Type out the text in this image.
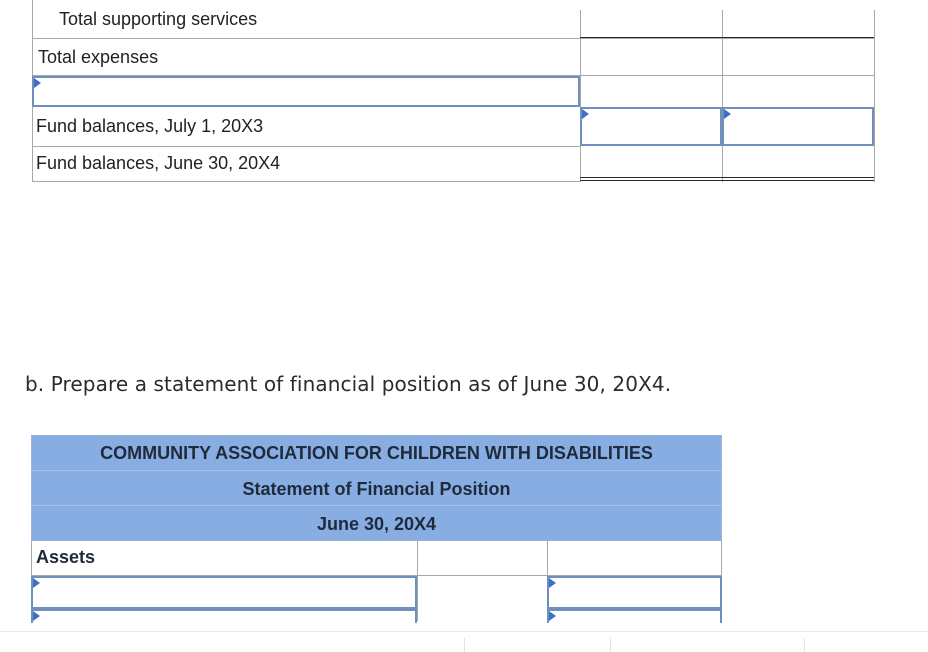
Total supporting services
Total expenses
Fund balances, July 1, 20X3
Fund balances, June 30, 20X4
b. Prepare a statement of financial position as of June 30, 20X4.
COMMUNITY ASSOCIATION FOR CHILDREN WITH DISABILITIES
Statement of Financial Position
June 30, 20X4
Assets
